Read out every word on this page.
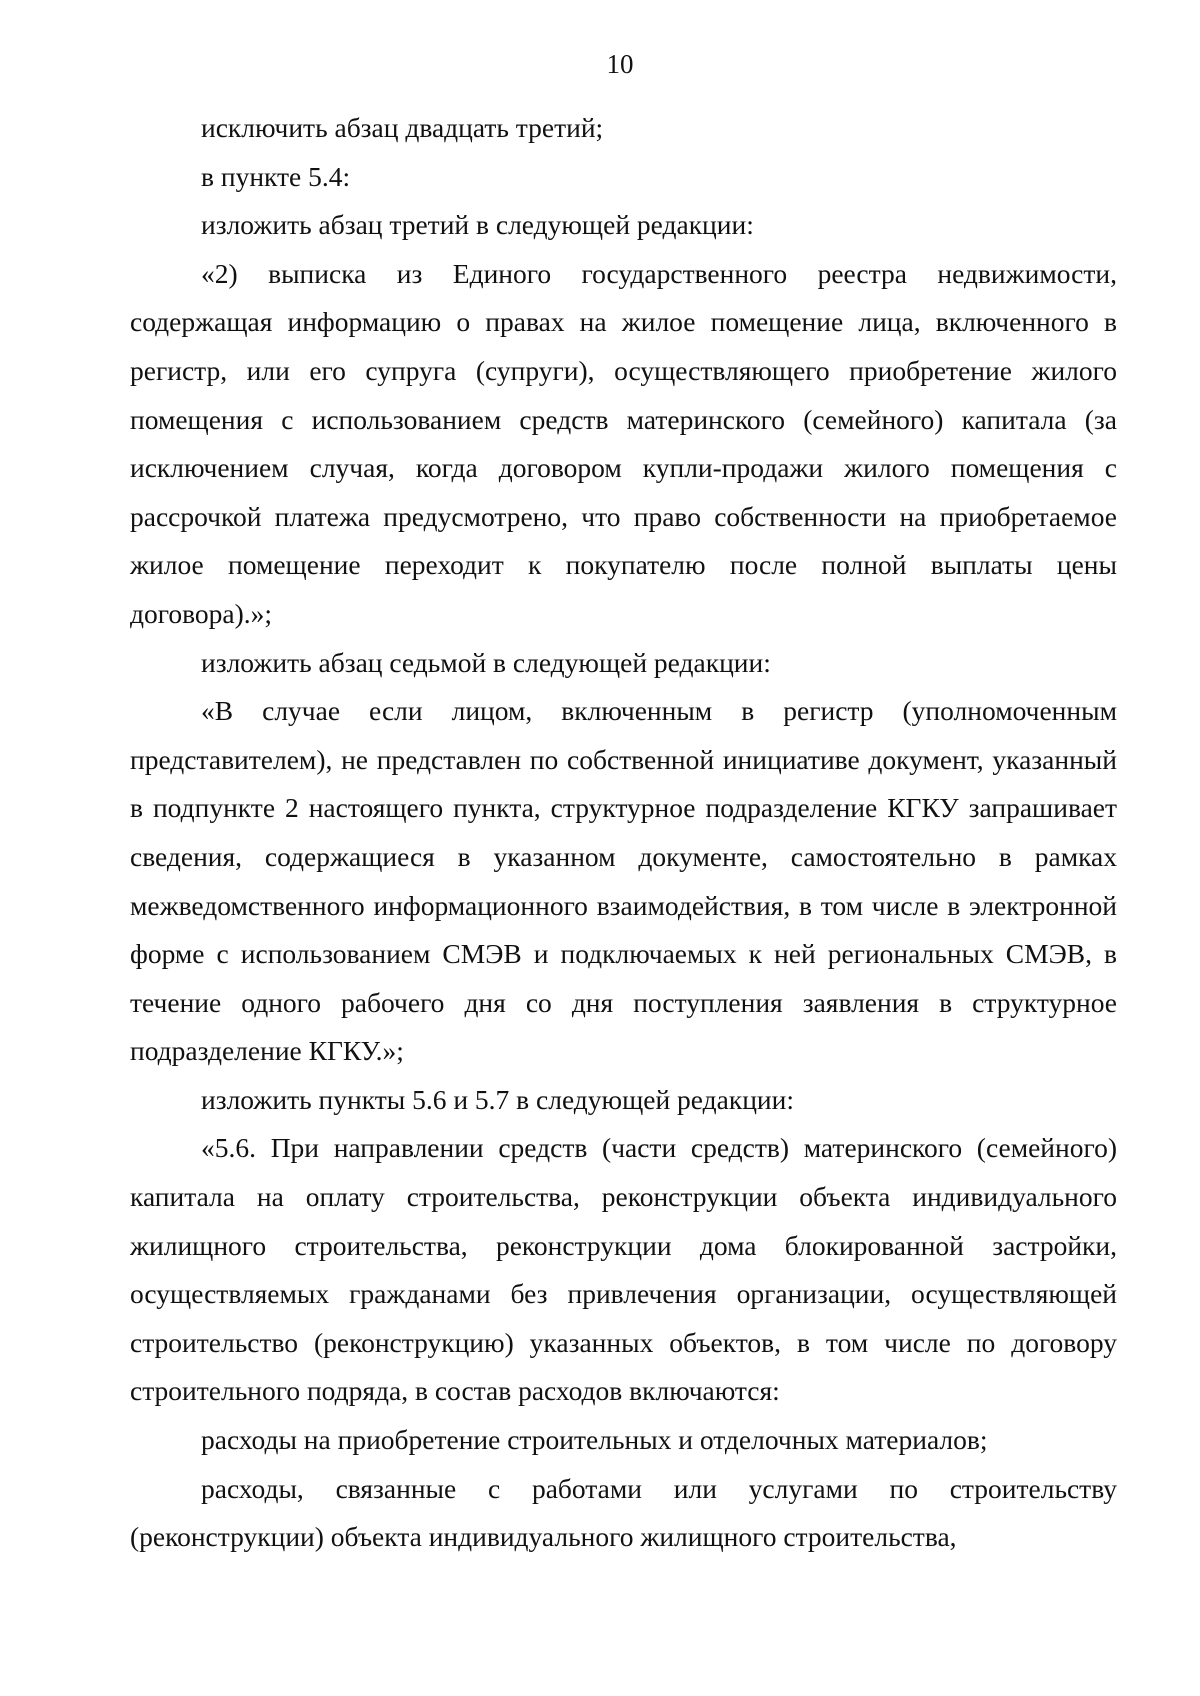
10

исключить абзац двадцать третий;

в пункте 5.4:

изложить абзац третий в следующей редакции:

«2) выписка из Единого государственного реестра недвижимости, содержащая информацию о правах на жилое помещение лица, включенного в регистр, или его супруга (супруги), осуществляющего приобретение жилого помещения с использованием средств материнского (семейного) капитала (за исключением случая, когда договором купли-продажи жилого помещения с рассрочкой платежа предусмотрено, что право собственности на приобретаемое жилое помещение переходит к покупателю после полной выплаты цены договора).»;

изложить абзац седьмой в следующей редакции:

«В случае если лицом, включенным в регистр (уполномоченным представителем), не представлен по собственной инициативе документ, указанный в подпункте 2 настоящего пункта, структурное подразделение КГКУ запрашивает сведения, содержащиеся в указанном документе, самостоятельно в рамках межведомственного информационного взаимодействия, в том числе в электронной форме с использованием СМЭВ и подключаемых к ней региональных СМЭВ, в течение одного рабочего дня со дня поступления заявления в структурное подразделение КГКУ.»;

изложить пункты 5.6 и 5.7 в следующей редакции:

«5.6. При направлении средств (части средств) материнского (семейного) капитала на оплату строительства, реконструкции объекта индивидуального жилищного строительства, реконструкции дома блокированной застройки, осуществляемых гражданами без привлечения организации, осуществляющей строительство (реконструкцию) указанных объектов, в том числе по договору строительного подряда, в состав расходов включаются:

расходы на приобретение строительных и отделочных материалов;

расходы, связанные с работами или услугами по строительству (реконструкции) объекта индивидуального жилищного строительства,
